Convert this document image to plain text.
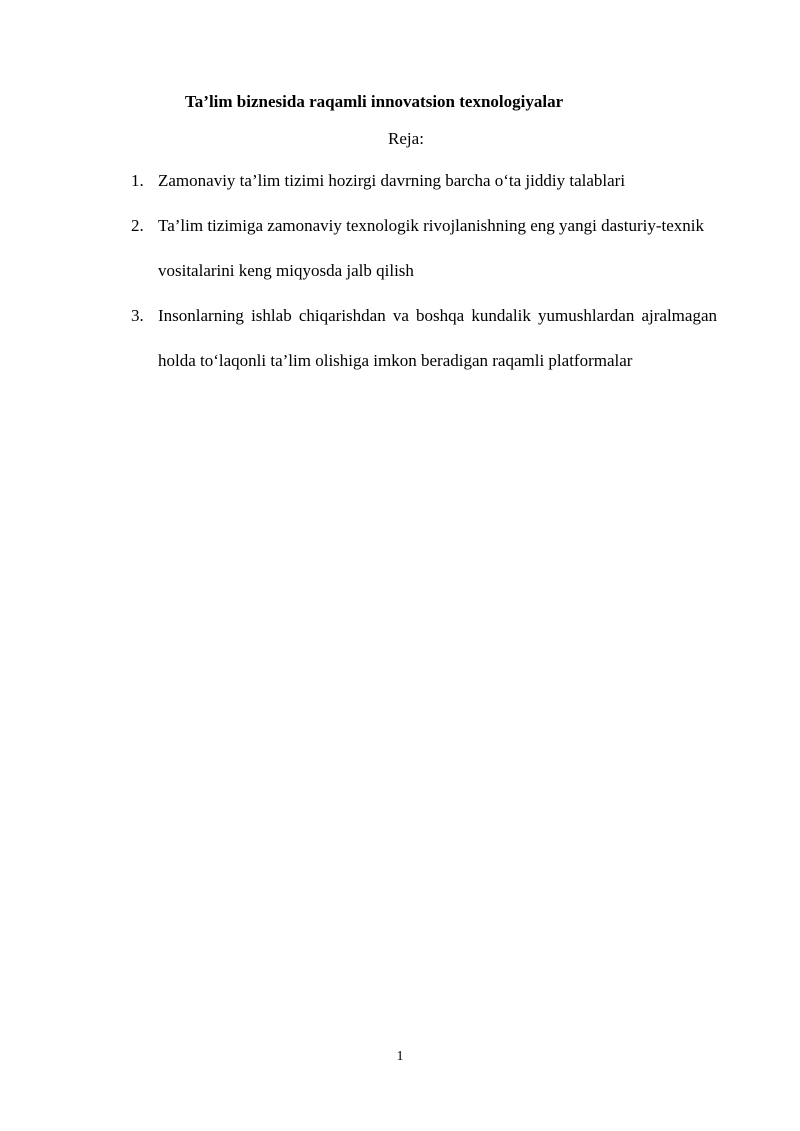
Ta’lim biznesida raqamli innovatsion texnologiyalar
Reja:
1. Zamonaviy ta’lim tizimi hozirgi davrning barcha o‘ta jiddiy talablari
2. Ta’lim tizimiga zamonaviy texnologik rivojlanishning eng yangi dasturiy-texnik vositalarini keng miqyosda jalb qilish
3. Insonlarning ishlab chiqarishdan va boshqa kundalik yumushlardan ajralmagan holda to‘laqonli ta’lim olishiga imkon beradigan raqamli platformalar
1
